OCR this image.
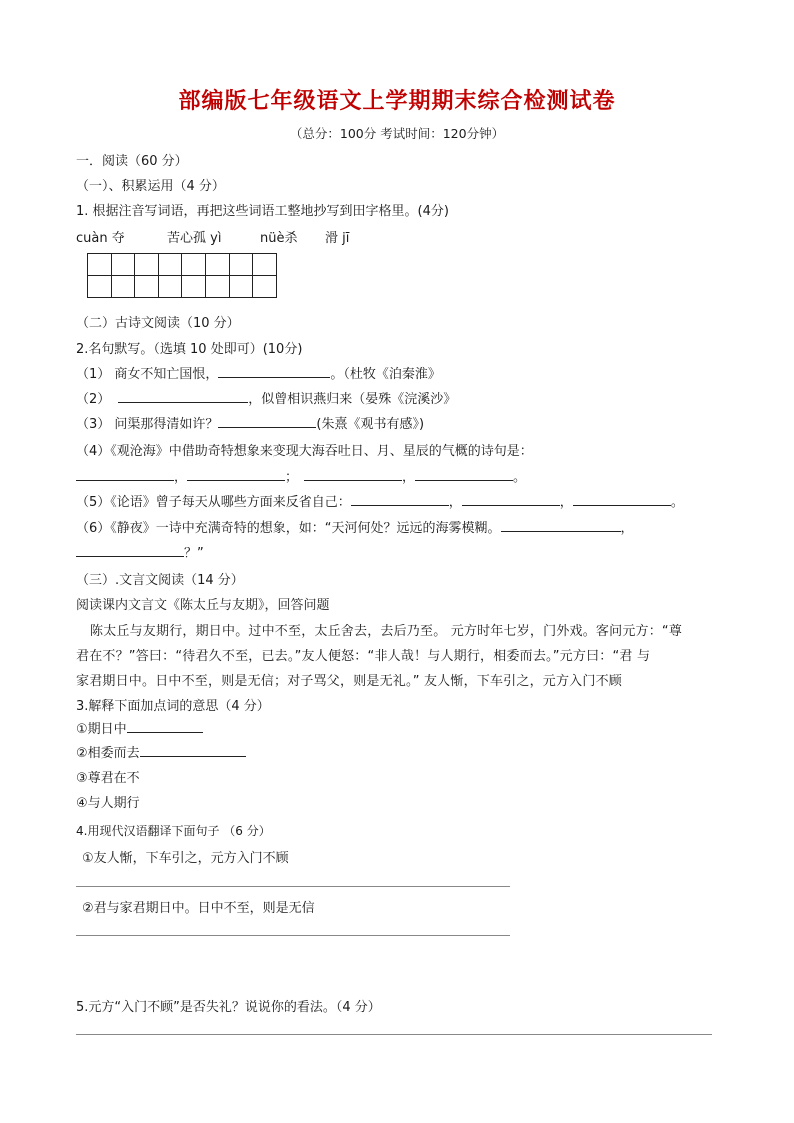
部编版七年级语文上学期期末综合检测试卷
（总分：100分 考试时间：120分钟）
一．阅读（60 分）
（一）、积累运用（4 分）
1. 根据注音写词语，再把这些词语工整地抄写到田字格里。(4分)
cuàn 夺	苦心孤 yì	nüè杀 滑 jī

（二）古诗文阅读（10 分）
2.名句默写。（选填 10 处即可）(10分)
（1） 商女不知亡国恨，	。（杜牧《泊秦淮》
（2）	，似曾相识燕归来（晏殊《浣溪沙》
（3） 问渠那得清如许？	(朱熹《观书有感》)
（4）《观沧海》中借助奇特想象来变现大海吞吐日、月、星辰的气概的诗句是：
，	；	，	。
（5）《论语》曾子每天从哪些方面来反省自己：	，	，	。
（6）《静夜》一诗中充满奇特的想象，如：“天河何处？远远的海雾模糊。	，
？”
（三）.文言文阅读（14 分）
阅读课内文言文《陈太丘与友期》，回答问题
陈太丘与友期行，期日中。过中不至，太丘舍去，去后乃至。 元方时年七岁，门外戏。客问元方：“尊
君在不？”答曰：“待君久不至，已去。”友人便怒：“非人哉！与人期行，相委而去。”元方曰：“君 与
家君期日中。日中不至，则是无信；对子骂父，则是无礼。” 友人惭，下车引之，元方入门不顾
3.解释下面加点词的意思（4 分）
①期日中
②相委而去
③尊君在不
④与人期行
4.用现代汉语翻译下面句子 （6 分）
①友人惭，下车引之，元方入门不顾
②君与家君期日中。日中不至，则是无信
5.元方“入门不顾”是否失礼？说说你的看法。（4 分）
